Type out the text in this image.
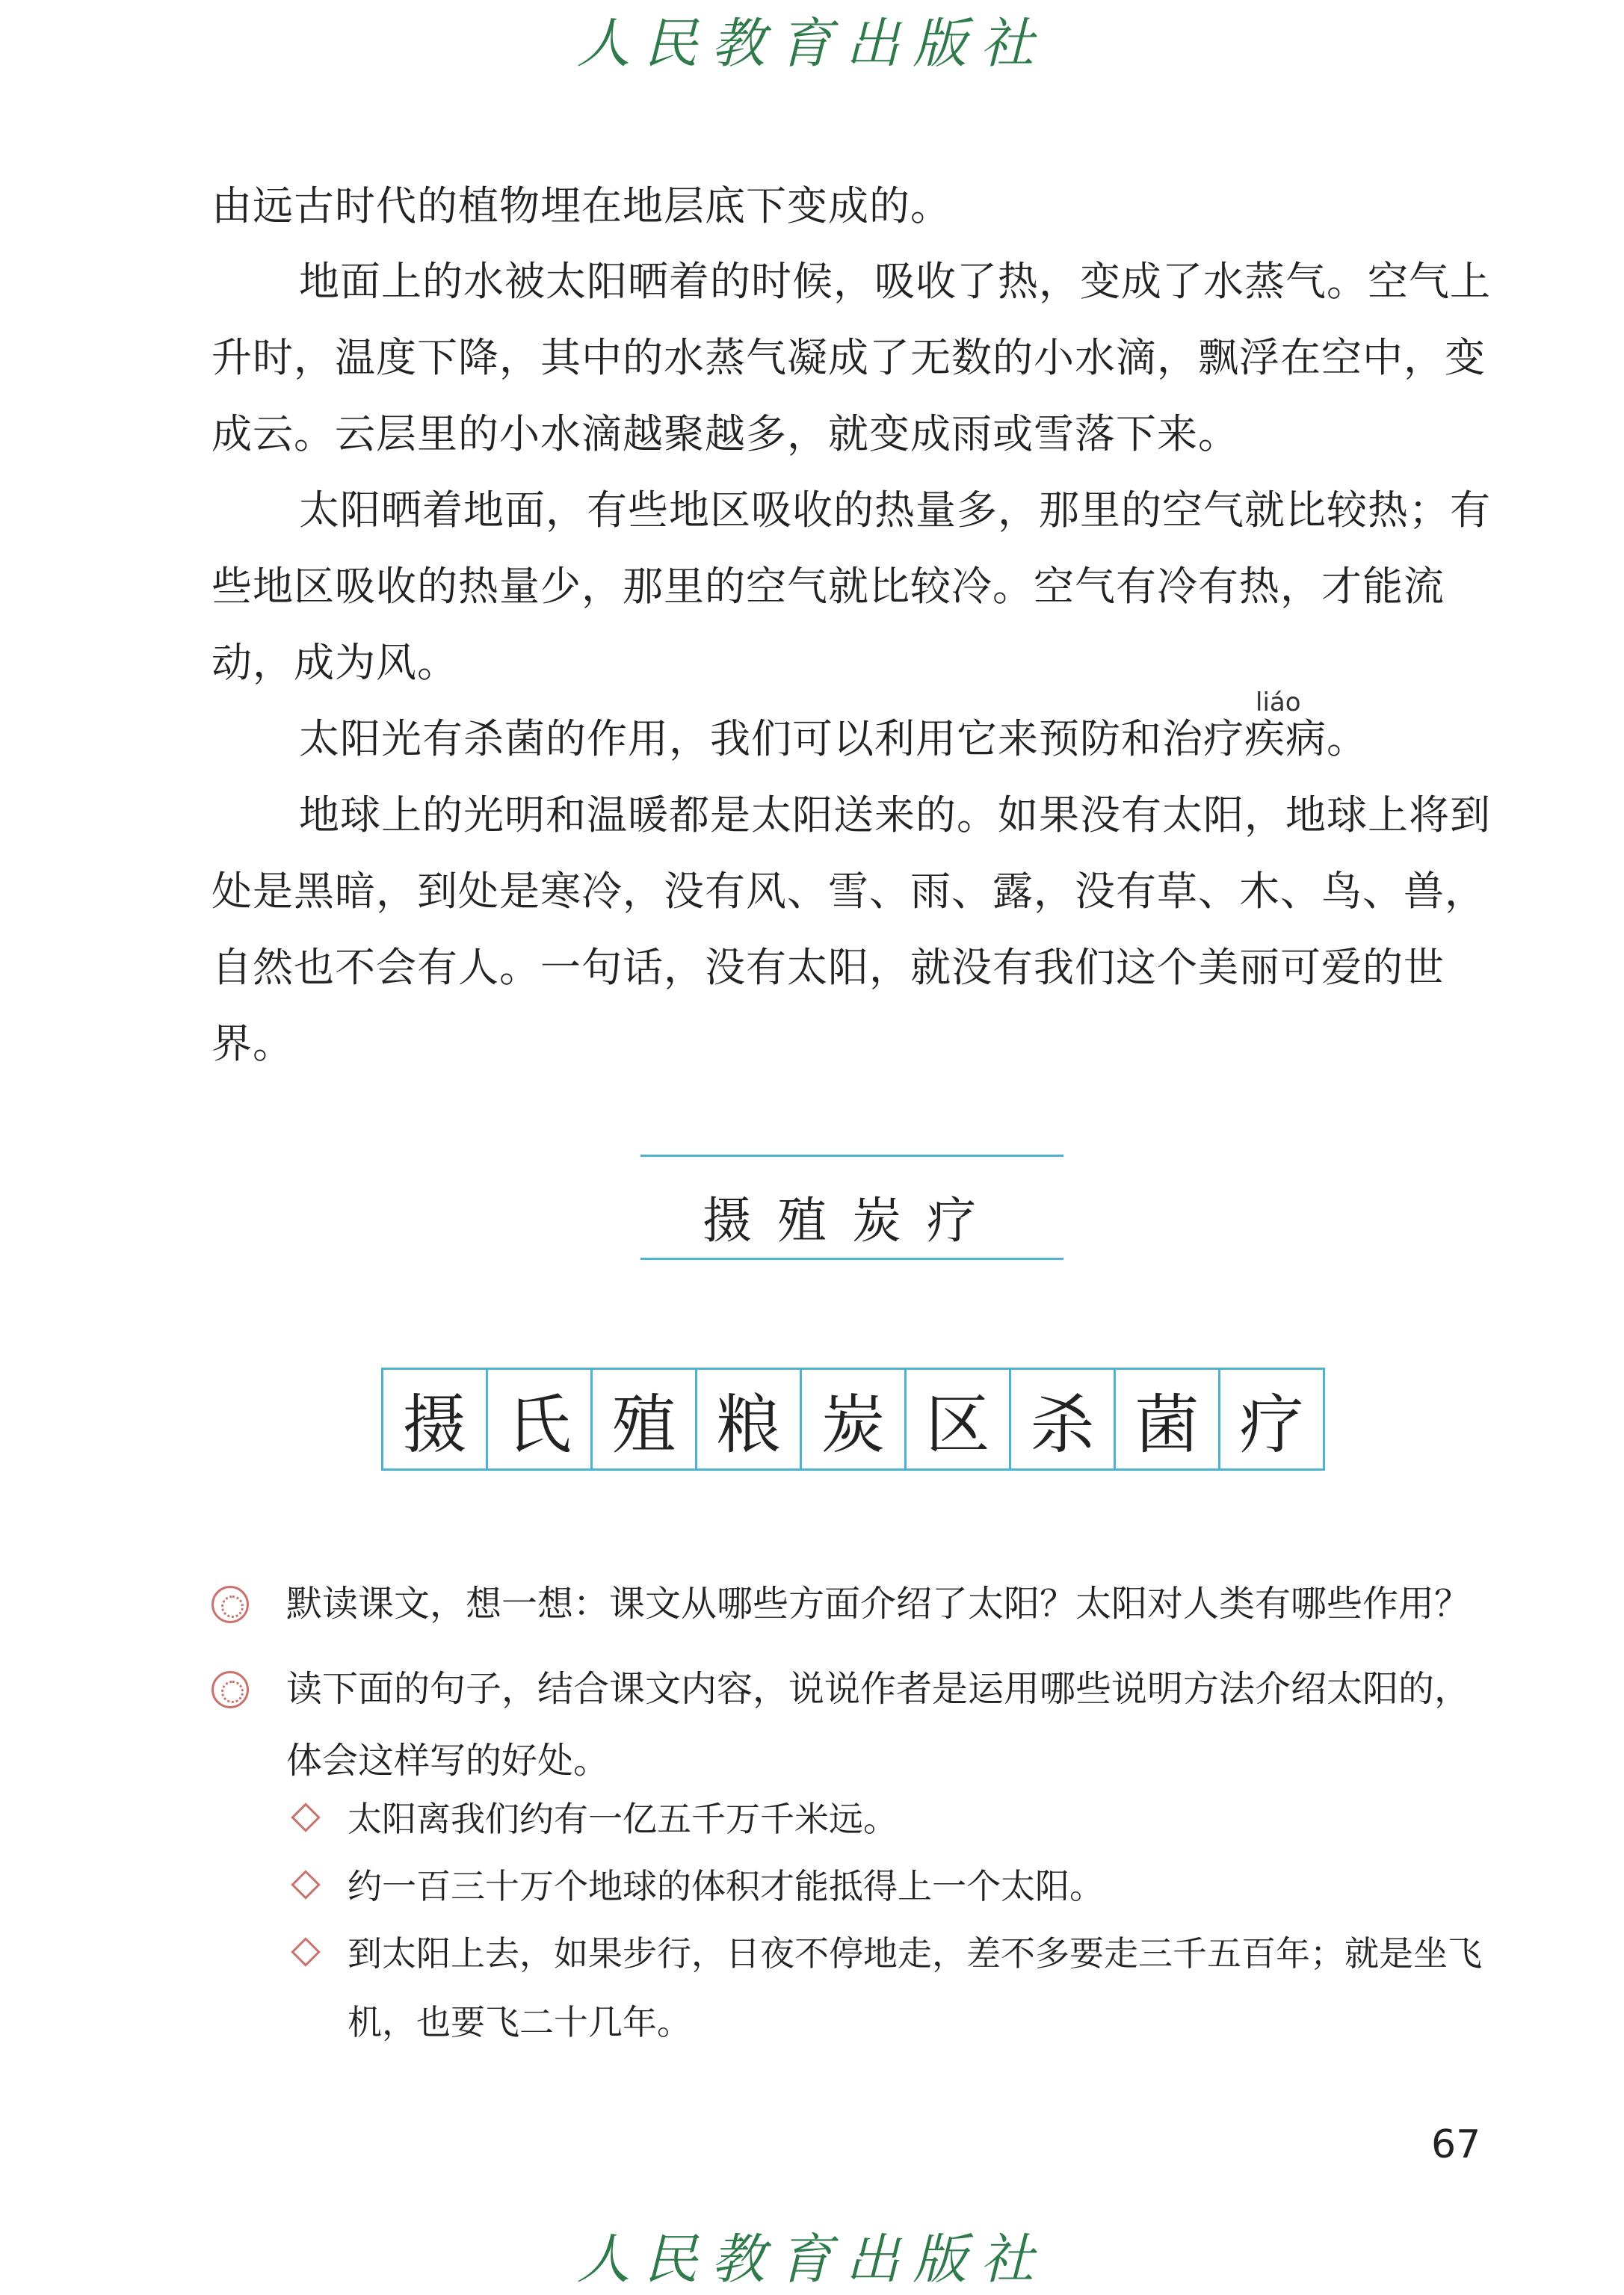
人民教育出版社
由远古时代的植物埋在地层底下变成的。
地面上的水被太阳晒着的时候，吸收了热，变成了水蒸气。空气上升时，温度下降，其中的水蒸气凝成了无数的小水滴，飘浮在空中，变成云。云层里的小水滴越聚越多，就变成雨或雪落下来。
太阳晒着地面，有些地区吸收的热量多，那里的空气就比较热；有些地区吸收的热量少，那里的空气就比较冷。空气有冷有热，才能流动，成为风。
liáo
太阳光有杀菌的作用，我们可以利用它来预防和治疗疾病。
地球上的光明和温暖都是太阳送来的。如果没有太阳，地球上将到处是黑暗，到处是寒冷，没有风、雪、雨、露，没有草、木、鸟、兽，自然也不会有人。一句话，没有太阳，就没有我们这个美丽可爱的世界。
摄殖炭疗
摄 氏 殖 粮 炭 区 杀 菌 疗
默读课文，想一想：课文从哪些方面介绍了太阳？太阳对人类有哪些作用？
读下面的句子，结合课文内容，说说作者是运用哪些说明方法介绍太阳的，体会这样写的好处。
太阳离我们约有一亿五千万千米远。
约一百三十万个地球的体积才能抵得上一个太阳。
到太阳上去，如果步行，日夜不停地走，差不多要走三千五百年；就是坐飞机，也要飞二十几年。
67
人民教育出版社
